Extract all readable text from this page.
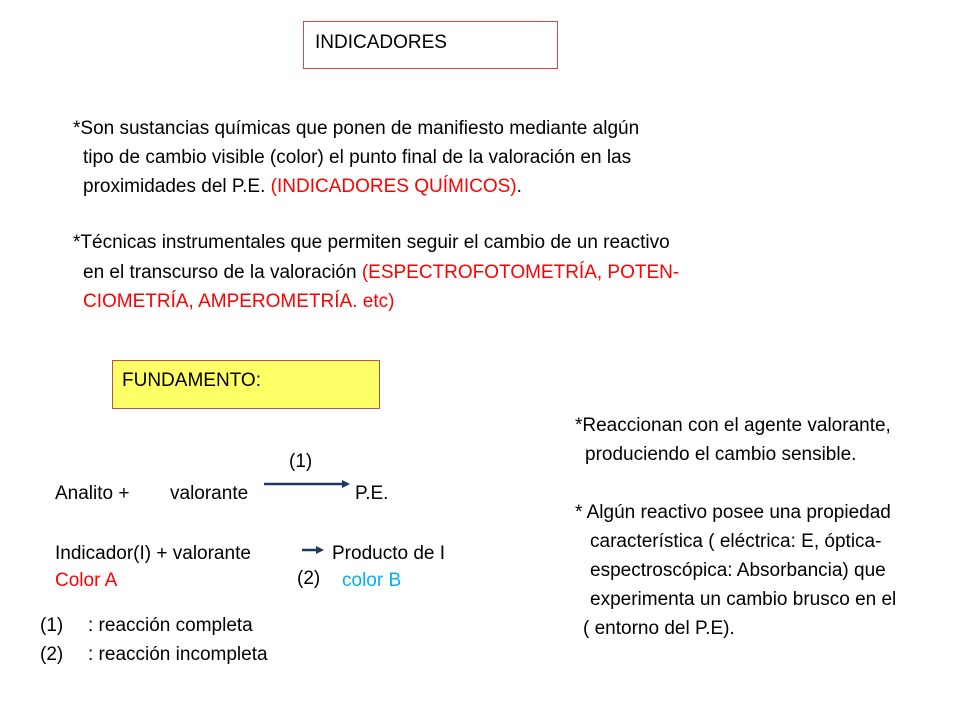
INDICADORES
*Son sustancias químicas que ponen de manifiesto mediante algún
tipo de cambio visible (color) el punto final de la valoración en las
proximidades del P.E. (INDICADORES QUÍMICOS).
*Técnicas instrumentales que permiten seguir el cambio de un reactivo
en el transcurso de la valoración (ESPECTROFOTOMETRÍA, POTEN-
CIOMETRÍA, AMPEROMETRÍA. etc)
FUNDAMENTO:
(1)
Analito + valorante	P.E.
Indicador(I) + valorante	Producto de I
Color A	(2) color B
(1) : reacción completa
(2) : reacción incompleta
*Reaccionan con el agente valorante,
produciendo el cambio sensible.
* Algún reactivo posee una propiedad
característica ( eléctrica: E, óptica-
espectroscópica: Absorbancia) que
experimenta un cambio brusco en el
( entorno del P.E).
